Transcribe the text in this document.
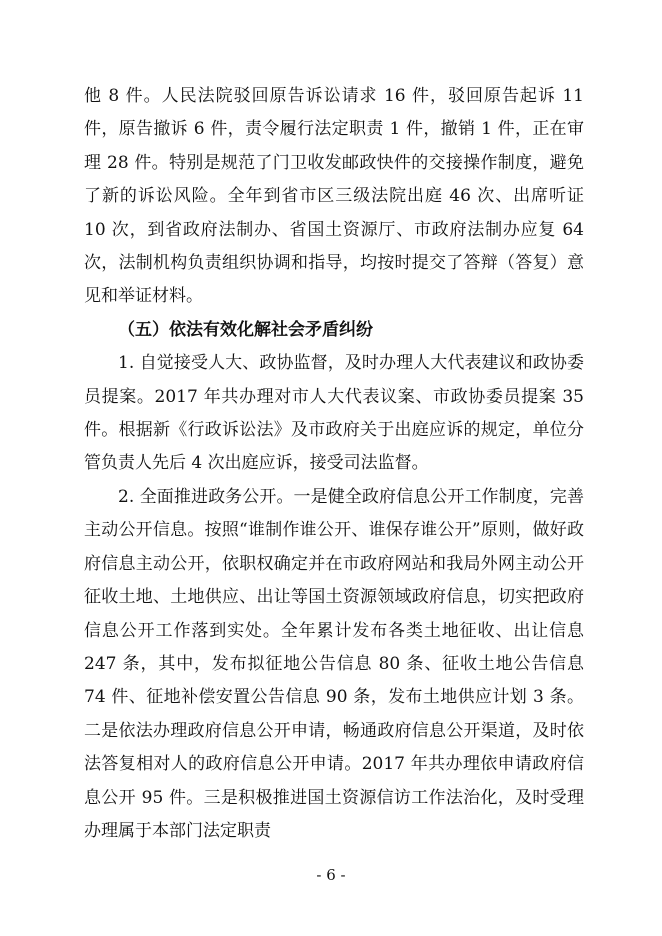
他 8 件。人民法院驳回原告诉讼请求 16 件，驳回原告起诉 11 件，原告撤诉 6 件，责令履行法定职责 1 件，撤销 1 件，正在审理 28 件。特别是规范了门卫收发邮政快件的交接操作制度，避免了新的诉讼风险。全年到省市区三级法院出庭 46 次、出席听证 10 次，到省政府法制办、省国土资源厅、市政府法制办应复 64 次，法制机构负责组织协调和指导，均按时提交了答辩（答复）意见和举证材料。

（五）依法有效化解社会矛盾纠纷

1. 自觉接受人大、政协监督，及时办理人大代表建议和政协委员提案。2017 年共办理对市人大代表议案、市政协委员提案 35 件。根据新《行政诉讼法》及市政府关于出庭应诉的规定，单位分管负责人先后 4 次出庭应诉，接受司法监督。

2. 全面推进政务公开。一是健全政府信息公开工作制度，完善主动公开信息。按照“谁制作谁公开、谁保存谁公开”原则，做好政府信息主动公开，依职权确定并在市政府网站和我局外网主动公开征收土地、土地供应、出让等国土资源领域政府信息，切实把政府信息公开工作落到实处。全年累计发布各类土地征收、出让信息 247 条，其中，发布拟征地公告信息 80 条、征收土地公告信息 74 件、征地补偿安置公告信息 90 条，发布土地供应计划 3 条。二是依法办理政府信息公开申请，畅通政府信息公开渠道，及时依法答复相对人的政府信息公开申请。2017 年共办理依申请政府信息公开 95 件。三是积极推进国土资源信访工作法治化，及时受理办理属于本部门法定职责

- 6 -
